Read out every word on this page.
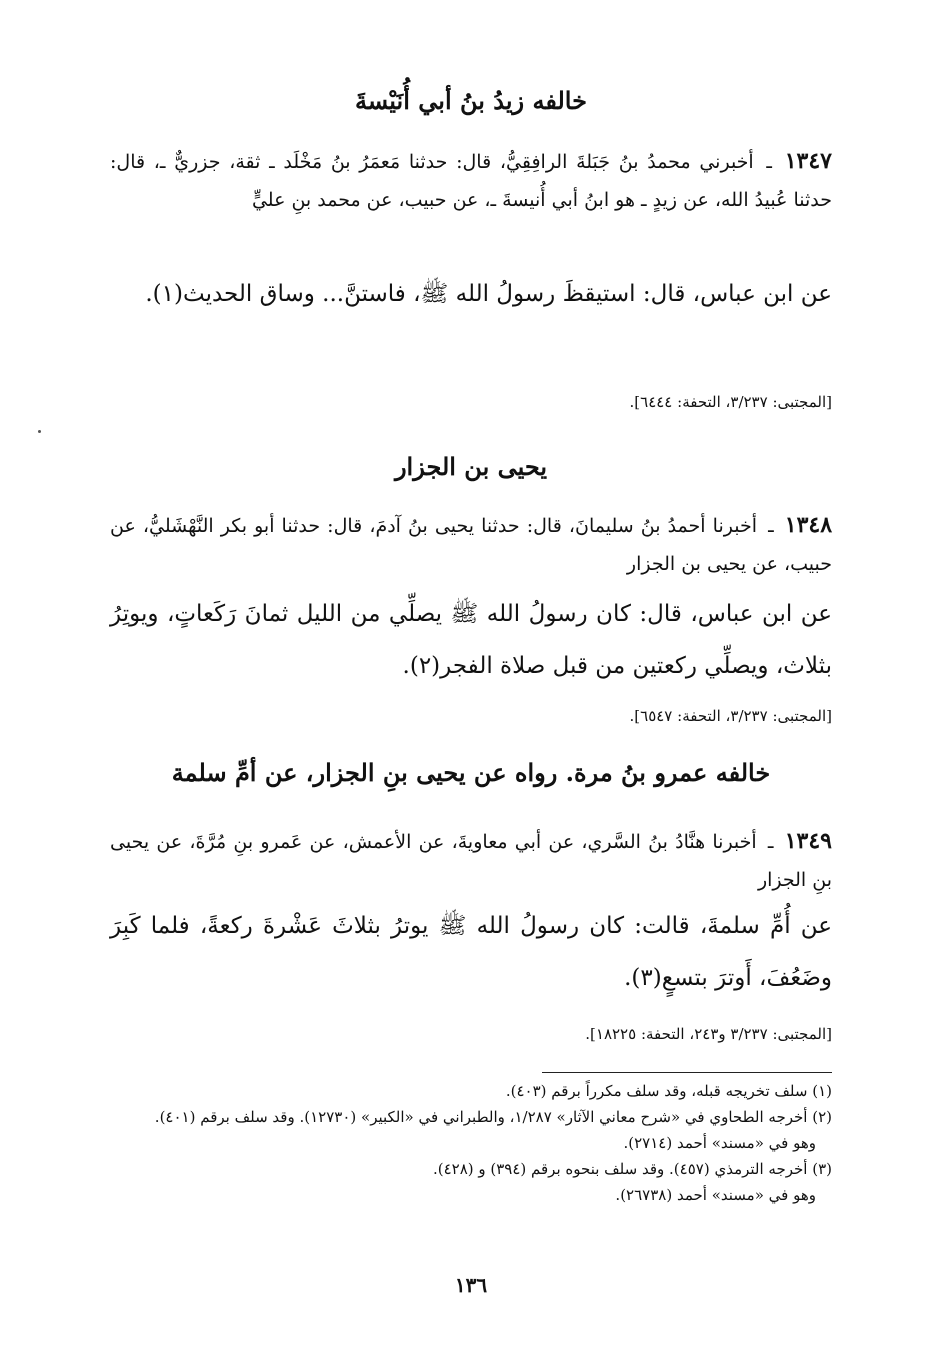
خالفه زيدُ بنُ أبي أُنَيْسةَ

١٣٤٧ ـ أخبرني محمدُ بنُ جَبَلةَ الرافِقِيُّ، قال: حدثنا مَعمَرُ بنُ مَخْلَد ـ ثقة، جزريٌّ ـ، قال: حدثنا عُبيدُ الله، عن زيدٍ ـ هو ابنُ أبي أُنيسةَ ـ، عن حبيب، عن محمد بنِ عليٍّ

عن ابن عباس، قال: استيقظَ رسولُ الله ﷺ، فاستنَّ... وساق الحديث(١).

[المجتبى: ٣/٢٣٧، التحفة: ٦٤٤٤].
يحيى بن الجزار

١٣٤٨ ـ أخبرنا أحمدُ بنُ سليمانَ، قال: حدثنا يحيى بنُ آدمَ، قال: حدثنا أبو بكر النَّهْشَليُّ، عن حبيب، عن يحيى بن الجزار

عن ابن عباس، قال: كان رسولُ الله ﷺ يصلِّي من الليل ثمانَ رَكَعاتٍ، ويوتِرُ بثلاث، ويصلِّي ركعتين من قبل صلاة الفجر(٢).

[المجتبى: ٣/٢٣٧، التحفة: ٦٥٤٧].
خالفه عمرو بنُ مرة. رواه عن يحيى بنِ الجزار، عن أمِّ سلمة

١٣٤٩ ـ أخبرنا هنَّادُ بنُ السَّري، عن أبي معاويةَ، عن الأعمش، عن عَمرو بنِ مُرَّةَ، عن يحيى بنِ الجزار

عن أُمِّ سلمةَ، قالت: كان رسولُ الله ﷺ يوترُ بثلاثَ عَشْرةَ ركعةً، فلما كَبِرَ وضَعُفَ، أَوترَ بتسعٍ(٣).

[المجتبى: ٣/٢٣٧ و٢٤٣، التحفة: ١٨٢٢٥].

(١) سلف تخريجه قبله، وقد سلف مكرراً برقم (٤٠٣).

(٢) أخرجه الطحاوي في «شرح معاني الآثار» ١/٢٨٧، والطبراني في «الكبير» (١٢٧٣٠). وقد سلف برقم (٤٠١).

وهو في «مسند» أحمد (٢٧١٤).

(٣) أخرجه الترمذي (٤٥٧). وقد سلف بنحوه برقم (٣٩٤) و (٤٢٨).

وهو في «مسند» أحمد (٢٦٧٣٨).

١٣٦
